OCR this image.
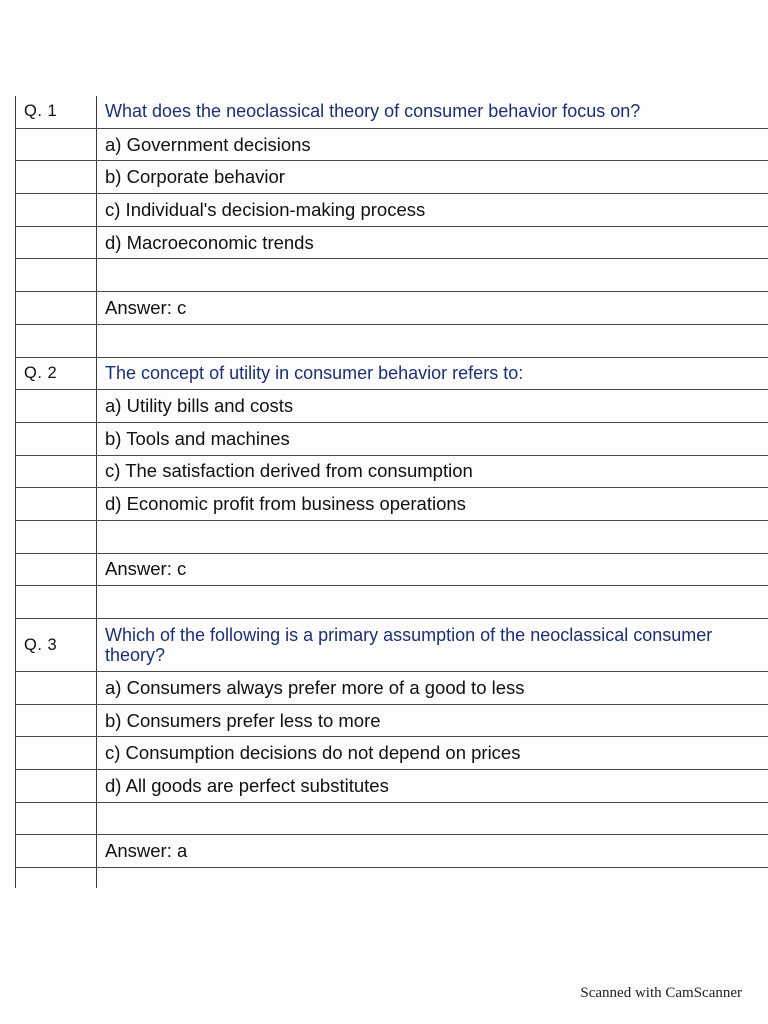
Q. 1	What does the neoclassical theory of consumer behavior focus on?
	a) Government decisions
	b) Corporate behavior
	c) Individual's decision-making process
	d) Macroeconomic trends

	Answer: c

Q. 2	The concept of utility in consumer behavior refers to:
	a) Utility bills and costs
	b) Tools and machines
	c) The satisfaction derived from consumption
	d) Economic profit from business operations

	Answer: c

Q. 3	Which of the following is a primary assumption of the neoclassical consumer theory?
	a) Consumers always prefer more of a good to less
	b) Consumers prefer less to more
	c) Consumption decisions do not depend on prices
	d) All goods are perfect substitutes

	Answer: a

Scanned with CamScanner
